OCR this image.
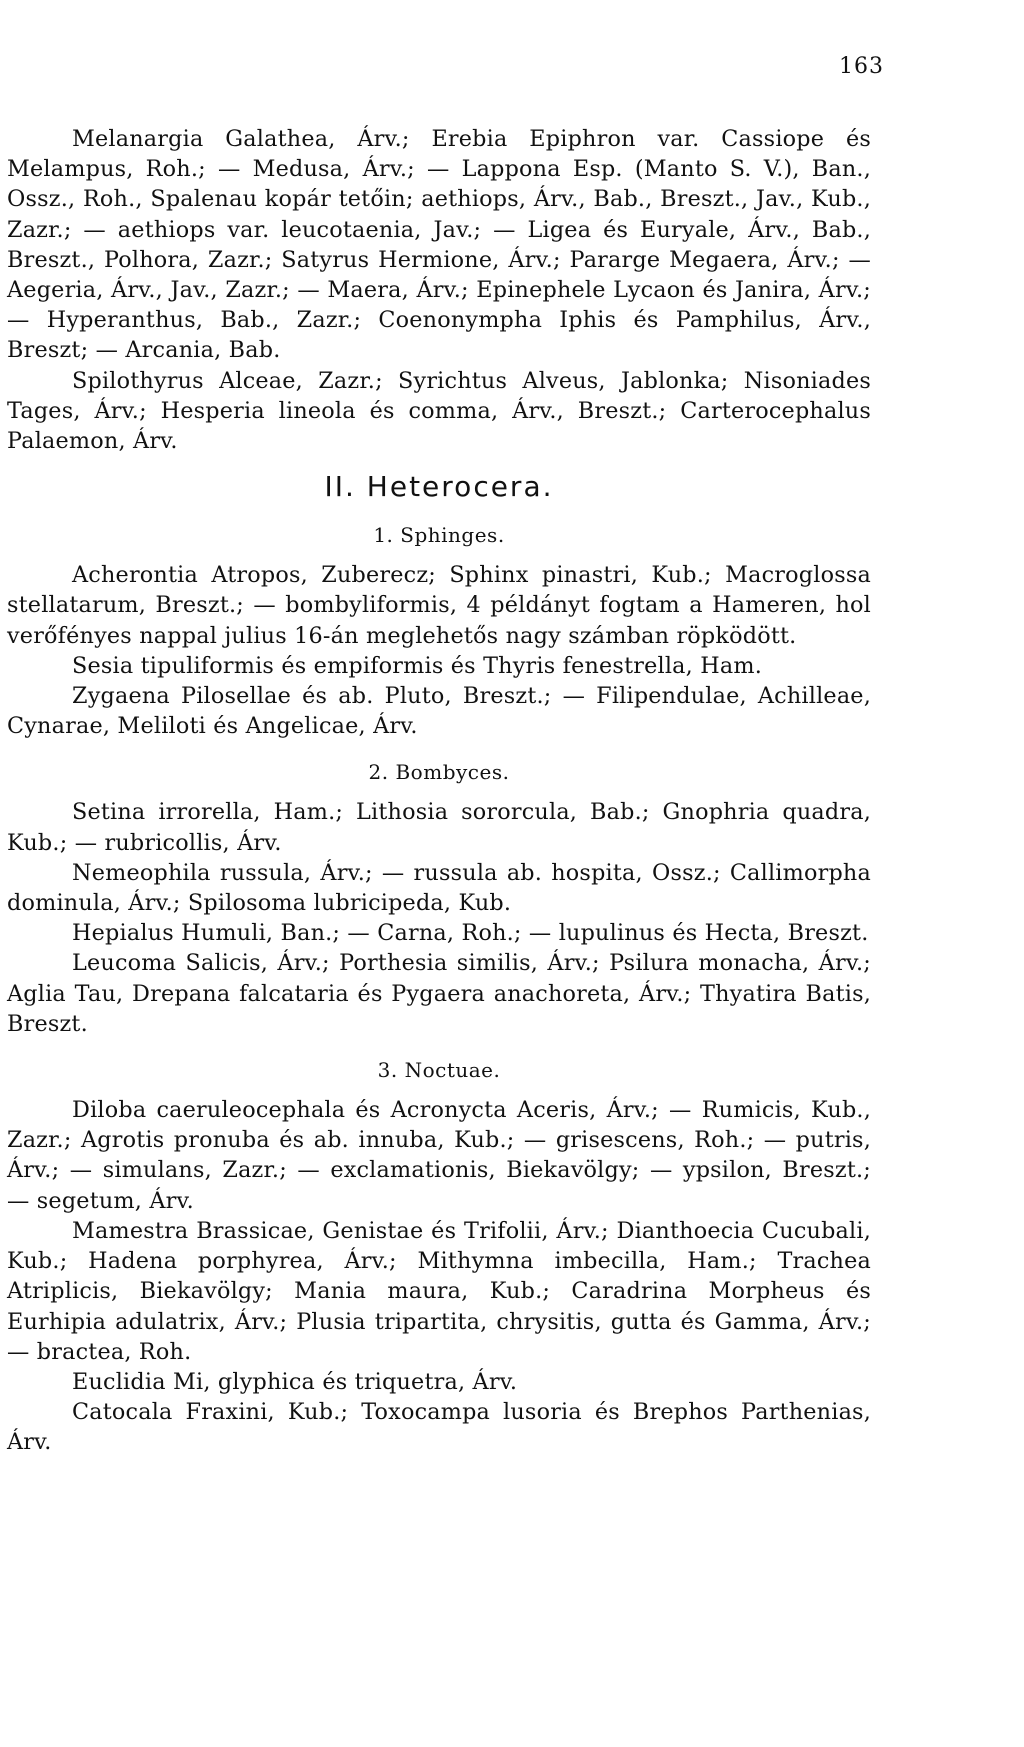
163

Melanargia Galathea, Árv.; Erebia Epiphron var. Cassiope és Melampus, Roh.; — Medusa, Árv.; — Lappona Esp. (Manto S. V.), Ban., Ossz., Roh., Spalenau kopár tetőin; aethiops, Árv., Bab., Breszt., Jav., Kub., Zazr.; — aethiops var. leucotaenia, Jav.; — Ligea és Euryale, Árv., Bab., Breszt., Polhora, Zazr.; Satyrus Hermione, Árv.; Pararge Megaera, Árv.; — Aegeria, Árv., Jav., Zazr.; — Maera, Árv.; Epinephele Lycaon és Janira, Árv.; — Hyperanthus, Bab., Zazr.; Coenonympha Iphis és Pamphilus, Árv., Breszt; — Arcania, Bab.

Spilothyrus Alceae, Zazr.; Syrichtus Alveus, Jablonka; Nisoniades Tages, Árv.; Hesperia lineola és comma, Árv., Breszt.; Carterocephalus Palaemon, Árv.

II. Heterocera.
1. Sphinges.

Acherontia Atropos, Zuberecz; Sphinx pinastri, Kub.; Macroglossa stellatarum, Breszt.; — bombyliformis, 4 példányt fogtam a Hameren, hol verőfényes nappal julius 16-án meglehetős nagy számban röpködött.

Sesia tipuliformis és empiformis és Thyris fenestrella, Ham.

Zygaena Pilosellae és ab. Pluto, Breszt.; — Filipendulae, Achilleae, Cynarae, Meliloti és Angelicae, Árv.

2. Bombyces.

Setina irrorella, Ham.; Lithosia sororcula, Bab.; Gnophria quadra, Kub.; — rubricollis, Árv.

Nemeophila russula, Árv.; — russula ab. hospita, Ossz.; Callimorpha dominula, Árv.; Spilosoma lubricipeda, Kub.

Hepialus Humuli, Ban.; — Carna, Roh.; — lupulinus és Hecta, Breszt.

Leucoma Salicis, Árv.; Porthesia similis, Árv.; Psilura monacha, Árv.; Aglia Tau, Drepana falcataria és Pygaera anachoreta, Árv.; Thyatira Batis, Breszt.

3. Noctuae.

Diloba caeruleocephala és Acronycta Aceris, Árv.; — Rumicis, Kub., Zazr.; Agrotis pronuba és ab. innuba, Kub.; — grisescens, Roh.; — putris, Árv.; — simulans, Zazr.; — exclamationis, Biekavölgy; — ypsilon, Breszt.; — segetum, Árv.

Mamestra Brassicae, Genistae és Trifolii, Árv.; Dianthoecia Cucubali, Kub.; Hadena porphyrea, Árv.; Mithymna imbecilla, Ham.; Trachea Atriplicis, Biekavölgy; Mania maura, Kub.; Caradrina Morpheus és Eurhipia adulatrix, Árv.; Plusia tripartita, chrysitis, gutta és Gamma, Árv.; — bractea, Roh.

Euclidia Mi, glyphica és triquetra, Árv.

Catocala Fraxini, Kub.; Toxocampa lusoria és Brephos Parthenias, Árv.
